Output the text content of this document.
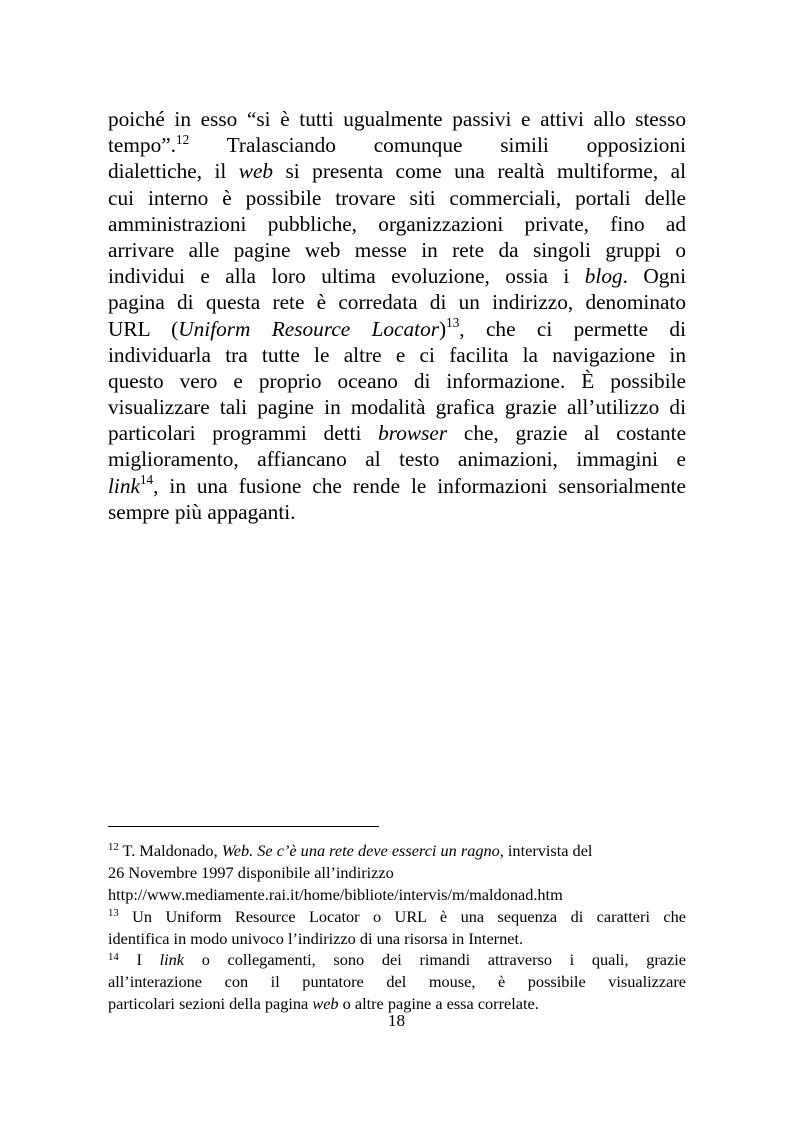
poiché in esso “si è tutti ugualmente passivi e attivi allo stesso
tempo”.$^{12}$ Tralasciando comunque simili opposizioni
dialettiche, il web si presenta come una realtà multiforme, al
cui interno è possibile trovare siti commerciali, portali delle
amministrazioni pubbliche, organizzazioni private, fino ad
arrivare alle pagine web messe in rete da singoli gruppi o
individui e alla loro ultima evoluzione, ossia i blog. Ogni
pagina di questa rete è corredata di un indirizzo, denominato
URL (Uniform Resource Locator)$^{13}$, che ci permette di
individuarla tra tutte le altre e ci facilita la navigazione in
questo vero e proprio oceano di informazione. È possibile
visualizzare tali pagine in modalità grafica grazie all’utilizzo di
particolari programmi detti browser che, grazie al costante
miglioramento, affiancano al testo animazioni, immagini e
link$^{14}$, in una fusione che rende le informazioni sensorialmente
sempre più appaganti.
$^{12}$ T. Maldonado, Web. Se c’è una rete deve esserci un ragno, intervista del
26 Novembre 1997 disponibile all’indirizzo
http://www.mediamente.rai.it/home/bibliote/intervis/m/maldonad.htm
$^{13}$ Un Uniform Resource Locator o URL è una sequenza di caratteri che
identifica in modo univoco l’indirizzo di una risorsa in Internet.
$^{14}$ I link o collegamenti, sono dei rimandi attraverso i quali, grazie
all’interazione con il puntatore del mouse, è possibile visualizzare
particolari sezioni della pagina web o altre pagine a essa correlate.
18
